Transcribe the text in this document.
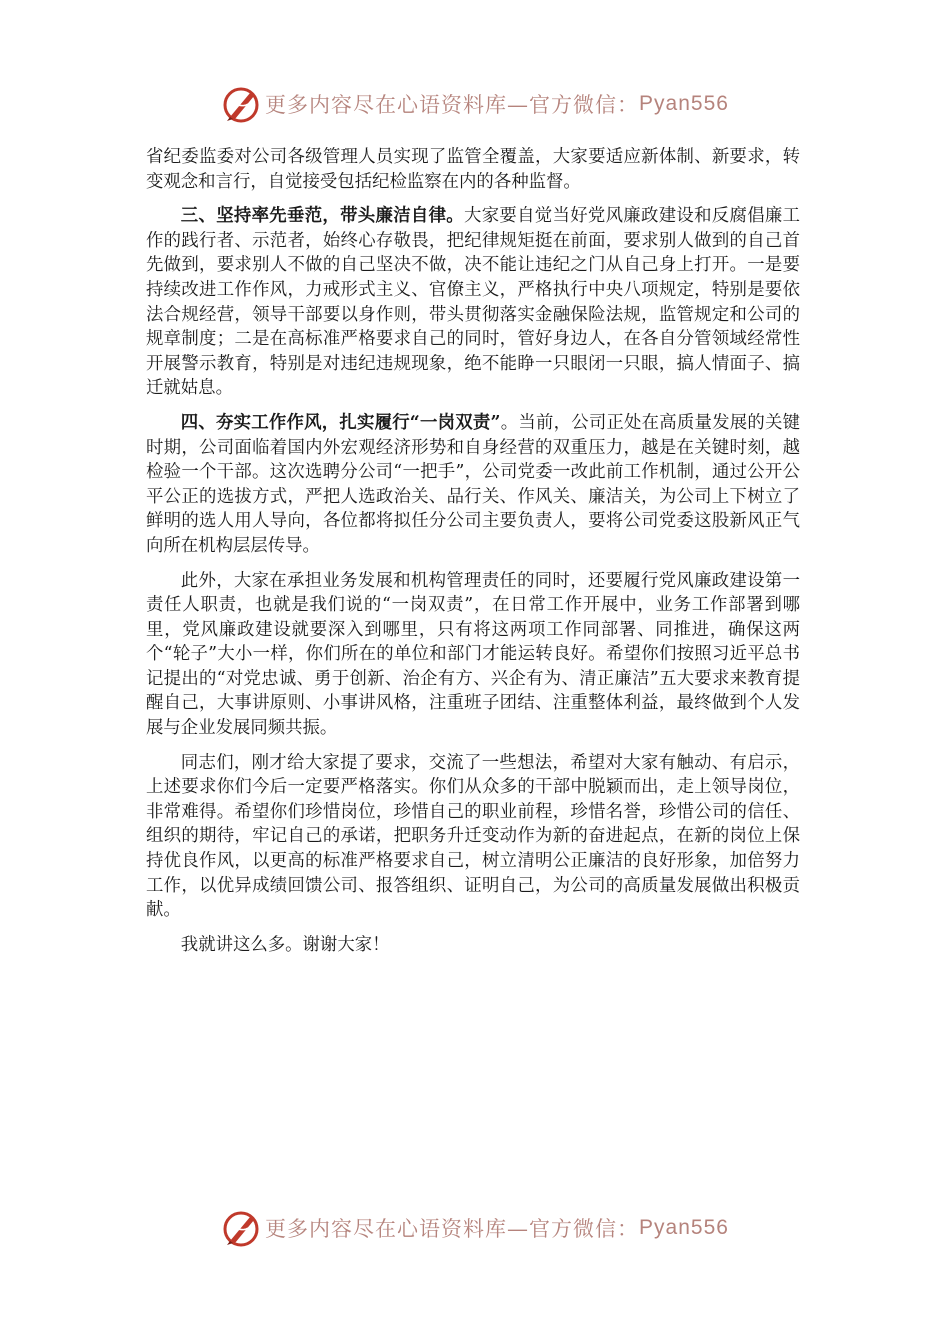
更多内容尽在心语资料库—官方微信： Pyan556

省纪委监委对公司各级管理人员实现了监管全覆盖，大家要适应新体制、新要求，转变观念和言行，自觉接受包括纪检监察在内的各种监督。

三、坚持率先垂范，带头廉洁自律。大家要自觉当好党风廉政建设和反腐倡廉工作的践行者、示范者，始终心存敬畏，把纪律规矩挺在前面，要求别人做到的自己首先做到，要求别人不做的自己坚决不做，决不能让违纪之门从自己身上打开。一是要持续改进工作作风，力戒形式主义、官僚主义，严格执行中央八项规定，特别是要依法合规经营，领导干部要以身作则，带头贯彻落实金融保险法规，监管规定和公司的规章制度；二是在高标准严格要求自己的同时，管好身边人，在各自分管领域经常性开展警示教育，特别是对违纪违规现象，绝不能睁一只眼闭一只眼，搞人情面子、搞迁就姑息。

四、夯实工作作风，扎实履行“一岗双责”。当前，公司正处在高质量发展的关键时期，公司面临着国内外宏观经济形势和自身经营的双重压力，越是在关键时刻，越检验一个干部。这次选聘分公司“一把手”，公司党委一改此前工作机制，通过公开公平公正的选拔方式，严把人选政治关、品行关、作风关、廉洁关，为公司上下树立了鲜明的选人用人导向，各位都将拟任分公司主要负责人，要将公司党委这股新风正气向所在机构层层传导。

此外，大家在承担业务发展和机构管理责任的同时，还要履行党风廉政建设第一责任人职责，也就是我们说的“一岗双责”，在日常工作开展中，业务工作部署到哪里，党风廉政建设就要深入到哪里，只有将这两项工作同部署、同推进，确保这两个“轮子”大小一样，你们所在的单位和部门才能运转良好。希望你们按照习近平总书记提出的“对党忠诚、勇于创新、治企有方、兴企有为、清正廉洁”五大要求来教育提醒自己，大事讲原则、小事讲风格，注重班子团结、注重整体利益，最终做到个人发展与企业发展同频共振。

同志们，刚才给大家提了要求，交流了一些想法，希望对大家有触动、有启示，上述要求你们今后一定要严格落实。你们从众多的干部中脱颖而出，走上领导岗位，非常难得。希望你们珍惜岗位，珍惜自己的职业前程，珍惜名誉，珍惜公司的信任、组织的期待，牢记自己的承诺，把职务升迁变动作为新的奋进起点，在新的岗位上保持优良作风，以更高的标准严格要求自己，树立清明公正廉洁的良好形象，加倍努力工作，以优异成绩回馈公司、报答组织、证明自己，为公司的高质量发展做出积极贡献。

我就讲这么多。谢谢大家！

更多内容尽在心语资料库—官方微信： Pyan556
